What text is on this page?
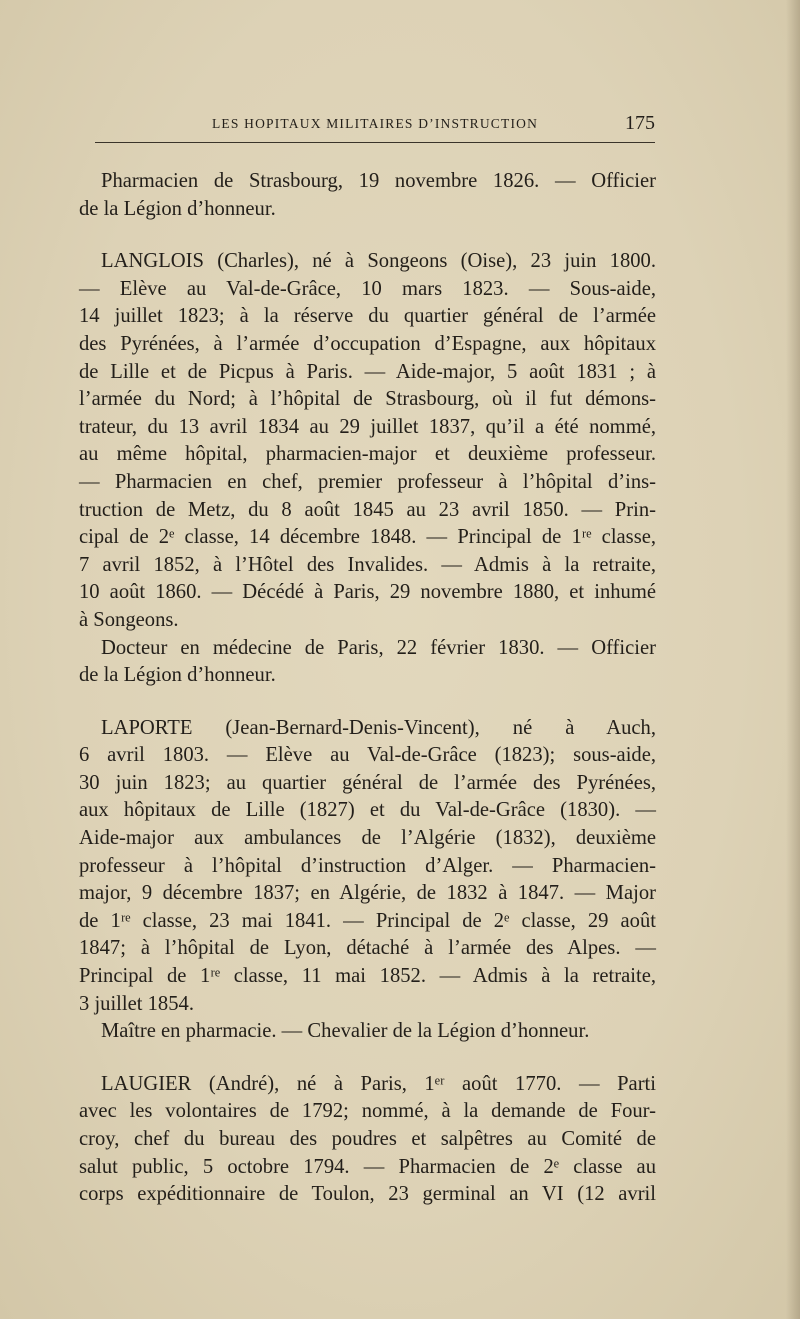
LES HOPITAUX MILITAIRES D’INSTRUCTION	175
Pharmacien de Strasbourg, 19 novembre 1826. — Officier
de la Légion d’honneur.
LANGLOIS (Charles), né à Songeons (Oise), 23 juin 1800.
— Elève au Val-de-Grâce, 10 mars 1823. — Sous-aide,
14 juillet 1823; à la réserve du quartier général de l’armée
des Pyrénées, à l’armée d’occupation d’Espagne, aux hôpitaux
de Lille et de Picpus à Paris. — Aide-major, 5 août 1831 ; à
l’armée du Nord; à l’hôpital de Strasbourg, où il fut démons-
trateur, du 13 avril 1834 au 29 juillet 1837, qu’il a été nommé,
au même hôpital, pharmacien-major et deuxième professeur.
— Pharmacien en chef, premier professeur à l’hôpital d’ins-
truction de Metz, du 8 août 1845 au 23 avril 1850. — Prin-
cipal de 2ᵉ classe, 14 décembre 1848. — Principal de 1ʳᵉ classe,
7 avril 1852, à l’Hôtel des Invalides. — Admis à la retraite,
10 août 1860. — Décédé à Paris, 29 novembre 1880, et inhumé
à Songeons.
Docteur en médecine de Paris, 22 février 1830. — Officier
de la Légion d’honneur.
LAPORTE (Jean-Bernard-Denis-Vincent), né à Auch,
6 avril 1803. — Elève au Val-de-Grâce (1823); sous-aide,
30 juin 1823; au quartier général de l’armée des Pyrénées,
aux hôpitaux de Lille (1827) et du Val-de-Grâce (1830). —
Aide-major aux ambulances de l’Algérie (1832), deuxième
professeur à l’hôpital d’instruction d’Alger. — Pharmacien-
major, 9 décembre 1837; en Algérie, de 1832 à 1847. — Major
de 1ʳᵉ classe, 23 mai 1841. — Principal de 2ᵉ classe, 29 août
1847; à l’hôpital de Lyon, détaché à l’armée des Alpes. —
Principal de 1ʳᵉ classe, 11 mai 1852. — Admis à la retraite,
3 juillet 1854.
Maître en pharmacie. — Chevalier de la Légion d’honneur.
LAUGIER (André), né à Paris, 1ᵉʳ août 1770. — Parti
avec les volontaires de 1792; nommé, à la demande de Four-
croy, chef du bureau des poudres et salpêtres au Comité de
salut public, 5 octobre 1794. — Pharmacien de 2ᵉ classe au
corps expéditionnaire de Toulon, 23 germinal an VI (12 avril
